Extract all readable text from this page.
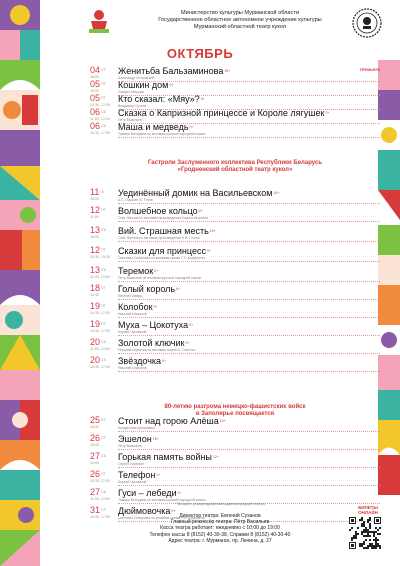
Министерство культуры Мурманской области
Государственное областное автономное учреждение культуры
Мурманский областной театр кукол
ОКТЯБРЬ
04ЧТ
18:00
Женитьба Бальзаминова$^{16+}$
Александр Островский
ПРЕМЬЕРА
05ПТ
18:00
Кошкин дом$^{0+}$
Самуил Маршак
05ПТ
10:30, 17:00
Кто сказал: «Мяу»?$^{0+}$
Владимир Сутеев
06СБ
11:00, 13:00
Сказка о Капризной принцессе и Короле лягушек$^{0+}$
Петр Васильев
06СБ
15:30, 17:00
Маша и медведь$^{0+}$
Тамара Володина по мотивам русской народной сказки
11ЧТ
18:00
Уединённый домик на Васильевском$^{16+}$
А.С. Пушкин, В. Титов
12ПТ
11:00
Волшебное кольцо$^{6+}$
Олег Жеглов по мотивам произведения Бориса Шергина
13СБ
18:00
Вий. Страшная месть$^{16+}$
Олег Жеглов по мотивам произведений Н.В. Гоголя
12ПТ
10:30, 15:30
Сказки для принцесс$^{0+}$
Светлана Смирнова по мотивам сказки Г.Х. Андерсена
13СБ
11:00, 13:00
Теремок$^{0+}$
Петр Васильев по мотивам русской народной сказки
18ЧТ
10:30
Голый король$^{6+}$
Евгений Шварц
19ПТ
10:30, 17:00
Колобок$^{0+}$
Николай Шувалов
19ПТ
10:30, 17:00
Муха – Цокотуха$^{0+}$
Корней Чуковский
20СБ
11:00, 13:00
Золотой ключик$^{0+}$
Николай Шувалов по мотивам сказки А. Толстого
20СБ
15:30, 17:00
Звёздочка$^{0+}$
Николай Шувалов
25ЧТ
18:00
Стоит над горою Алёша$^{12+}$
Концертная программа
26ПТ
18:00
Эшелон$^{16+}$
Петр Васильев
27СБ
15:00
Горькая память войны$^{12+}$
Сергей Кирюхин
26ПТ
10:30, 17:00
Телефон$^{0+}$
Корней Чуковский
27СБ
11:00, 13:00
Гуси – лебеди$^{0+}$
Тамара Володина по мотивам русской народной сказки
31СР
10:30, 17:00
Дюймовочка$^{0+}$
Светлана Смирнова по мотивам сказки Г.Х. Андерсена
Гастроли Заслуженного коллектива Республики Беларусь
«Гродненский областной театр кукол»
80-летию разгрома немецко-фашистских войск
в Заполярье посвящается
* Возраст, рекомендованный администрацией театра
Директор театра: Евгений Суханов
Главный режиссёр театра: Пётр Васильев
Касса театра работает: ежедневно с 10:00 до 19:00
Телефон кассы 8 (8152) 40-30-38, Справки 8 (8152) 40-30-40
Адрес театра: г. Мурманск, пр. Ленина, д. 27
БИЛЕТЫ
ОНЛАЙН
